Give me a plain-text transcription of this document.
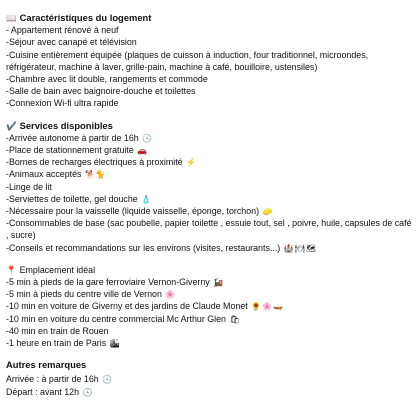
📖 Caractéristiques du logement
- Appartement rénové à neuf
-Séjour avec canapé et télévision
-Cuisine entièrement équipée (plaques de cuisson à induction, four traditionnel, microondes, réfrigérateur, machine à laver, grille-pain, machine à café, bouilloire, ustensiles)
-Chambre avec lit double, rangements et commode
-Salle de bain avec baignoire-douche et toilettes
-Connexion Wi-fi ultra rapide
✔️ Services disponibles
-Arrivée autonome à partir de 16h 🕓
-Place de stationnement gratuite 🚗
-Bornes de recharges électriques à proximité ⚡
-Animaux acceptés 🐕🐈
-Linge de lit
-Serviettes de toilette, gel douche 🧴
-Nécessaire pour la vaisselle (liquide vaisselle, éponge, torchon) 🧽
-Consommables de base (sac poubelle, papier toilette , essuie tout, sel , poivre, huile, capsules de café , sucre)
-Conseils et recommandations sur les environs (visites, restaurants...) 🏰🍽🗺
📍 Emplacement idéal
-5 min à pieds de la gare ferroviaire Vernon-Giverny 🚂
-5 min à pieds du centre ville de Vernon 🌸
-10 min en voiture de Giverny et des jardins de Claude Monet 🌻🌸🛶
-10 min en voiture du centre commercial Mc Arthur Glen 🛍
-40 min en train de Rouen
-1 heure en train de Paris 🏙
Autres remarques
Arrivée : à partir de 16h 🕓
Départ : avant 12h 🕓
